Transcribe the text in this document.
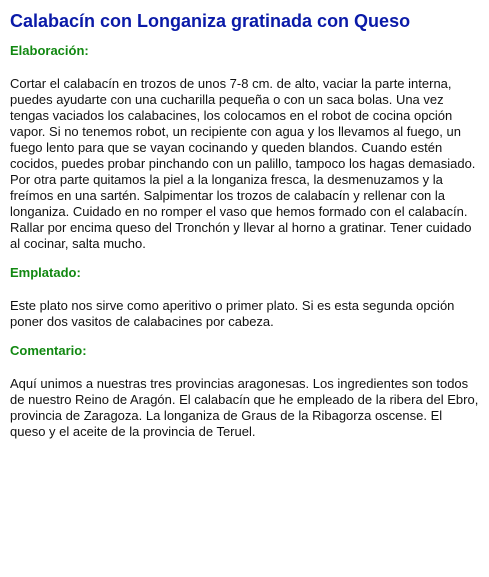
Calabacín con Longaniza gratinada con Queso
Elaboración:

Cortar el calabacín en trozos de unos 7-8 cm. de alto, vaciar la parte interna, puedes ayudarte con una cucharilla pequeña o con un saca bolas. Una vez tengas vaciados los calabacines, los colocamos en el robot de cocina opción vapor. Si no tenemos robot, un recipiente con agua y los llevamos al fuego, un fuego lento para que se vayan cocinando y queden blandos. Cuando estén cocidos, puedes probar pinchando con un palillo, tampoco los hagas demasiado.

Por otra parte quitamos la piel a la longaniza fresca, la desmenuzamos y la freímos en una sartén. Salpimentar los trozos de calabacín y rellenar con la longaniza. Cuidado en no romper el vaso que hemos formado con el calabacín. Rallar por encima queso del Tronchón y llevar al horno a gratinar. Tener cuidado al cocinar, salta mucho.

Emplatado:

Este plato nos sirve como aperitivo o primer plato. Si es esta segunda opción poner dos vasitos de calabacines por cabeza.

Comentario:

Aquí unimos a nuestras tres provincias aragonesas. Los ingredientes son todos de nuestro Reino de Aragón. El calabacín que he empleado de la ribera del Ebro, provincia de Zaragoza. La longaniza de Graus de la Ribagorza oscense. El queso y el aceite de la provincia de Teruel.
